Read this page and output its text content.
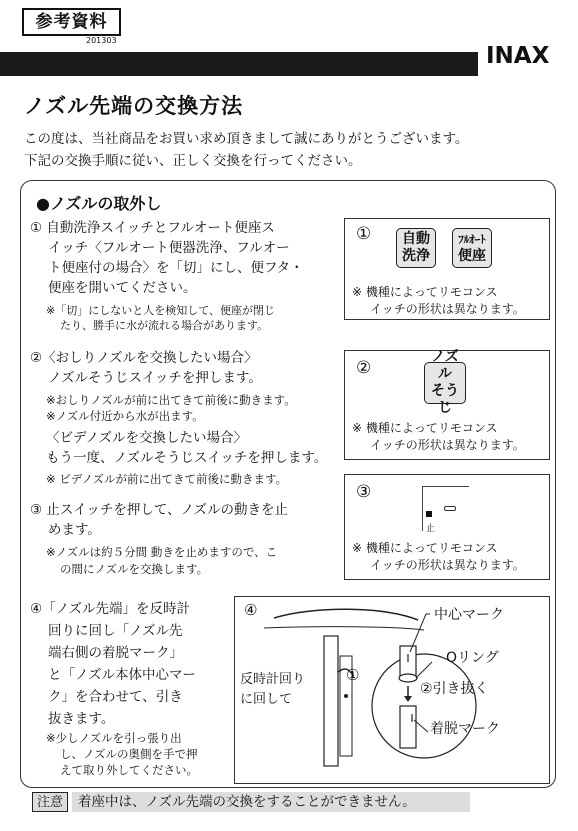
参考資料
201303
INAX
ノズル先端の交換方法
この度は、当社商品をお買い求め頂きまして誠にありがとうございます。
下記の交換手順に従い、正しく交換を行ってください。
●ノズルの取外し
① 自動洗浄スイッチとフルオート便座ス
イッチ〈フルオート便器洗浄、フルオー
ト便座付の場合〉を「切」にし、便フタ・
便座を開いてください。
※「切」にしないと人を検知して、便座が閉じ
たり、勝手に水が流れる場合があります。
① 自動
洗浄
ﾌﾙｵｰﾄ
便座
※ 機種によってリモコンス
イッチの形状は異なります。
②〈おしりノズルを交換したい場合〉
ノズルそうじスイッチを押します。
※おしりノズルが前に出てきて前後に動きます。
※ノズル付近から水が出ます。
〈ビデノズルを交換したい場合〉
もう一度、ノズルそうじスイッチを押します。
※ ビデノズルが前に出てきて前後に動きます。
②
ノズル
そうじ
※ 機種によってリモコンス
イッチの形状は異なります。
③ 止スイッチを押して、ノズルの動きを止
めます。
※ノズルは約５分間 動きを止めますので、こ
の間にノズルを交換します。
③
止
※ 機種によってリモコンス
イッチの形状は異なります。
④「ノズル先端」を反時計
回りに回し「ノズル先
端右側の着脱マーク」
と「ノズル本体中心マー
ク」を合わせて、引き
抜きます。
※少しノズルを引っ張り出
し、ノズルの奥側を手で押
えて取り外してください。
④	中心マーク
Oリング
反時計回り
に回して
①
②引き抜く
着脱マーク
注意	着座中は、ノズル先端の交換をすることができません。
